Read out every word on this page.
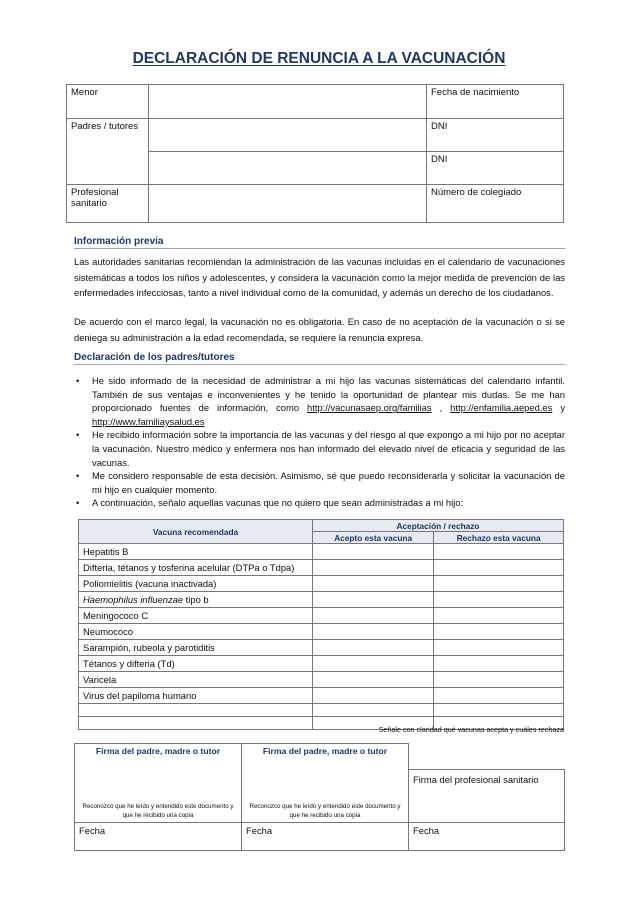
DECLARACIÓN DE RENUNCIA A LA VACUNACIÓN
Menor		Fecha de nacimiento
Padres / tutores		DNI
		DNI
Profesional sanitario		Número de colegiado
Información previa
Las autoridades sanitarias recomiendan la administración de las vacunas incluidas en el calendario de vacunaciones sistemáticas a todos los niños y adolescentes, y considera la vacunación como la mejor medida de prevención de las enfermedades infecciosas, tanto a nivel individual como de la comunidad, y además un derecho de los ciudadanos.
De acuerdo con el marco legal, la vacunación no es obligatoria. En caso de no aceptación de la vacunación o si se deniega su administración a la edad recomendada, se requiere la renuncia expresa.
Declaración de los padres/tutores
• He sido informado de la necesidad de administrar a mi hijo las vacunas sistemáticas del calendario infantil. También de sus ventajas e inconvenientes y he tenido la oportunidad de plantear mis dudas. Se me han proporcionado fuentes de información, como http://vacunasaep.org/familias , http://enfamilia.aeped.es y http://www.familiaysalud.es
• He recibido información sobre la importancia de las vacunas y del riesgo al que expongo a mi hijo por no aceptar la vacunación. Nuestro médico y enfermera nos han informado del elevado nivel de eficacia y seguridad de las vacunas.
• Me considero responsable de esta decisión. Asimismo, sé que puedo reconsiderarla y solicitar la vacunación de mi hijo en cualquier momento.
• A continuación, señalo aquellas vacunas que no quiero que sean administradas a mi hijo:
Vacuna recomendada	Aceptación / rechazo	
	Acepto esta vacuna	Rechazo esta vacuna
Hepatitis B		
Difteria, tétanos y tosferina acelular (DTPa o Tdpa)		
Poliomielitis (vacuna inactivada)		
Haemophilus influenzae tipo b		
Meningococo C		
Neumococo		
Sarampión, rubeola y parotiditis		
Tétanos y difteria (Td)		
Varicela		
Virus del papiloma humano		

Señale con claridad qué vacunas acepta y cuáles rechaza
Firma del padre, madre o tutor	Firma del padre, madre o tutor	
Reconozco que he leído y entendido este documento y que he recibido una copia	Reconozco que he leído y entendido este documento y que he recibido una copia	Firma del profesional sanitario
Fecha	Fecha	Fecha
